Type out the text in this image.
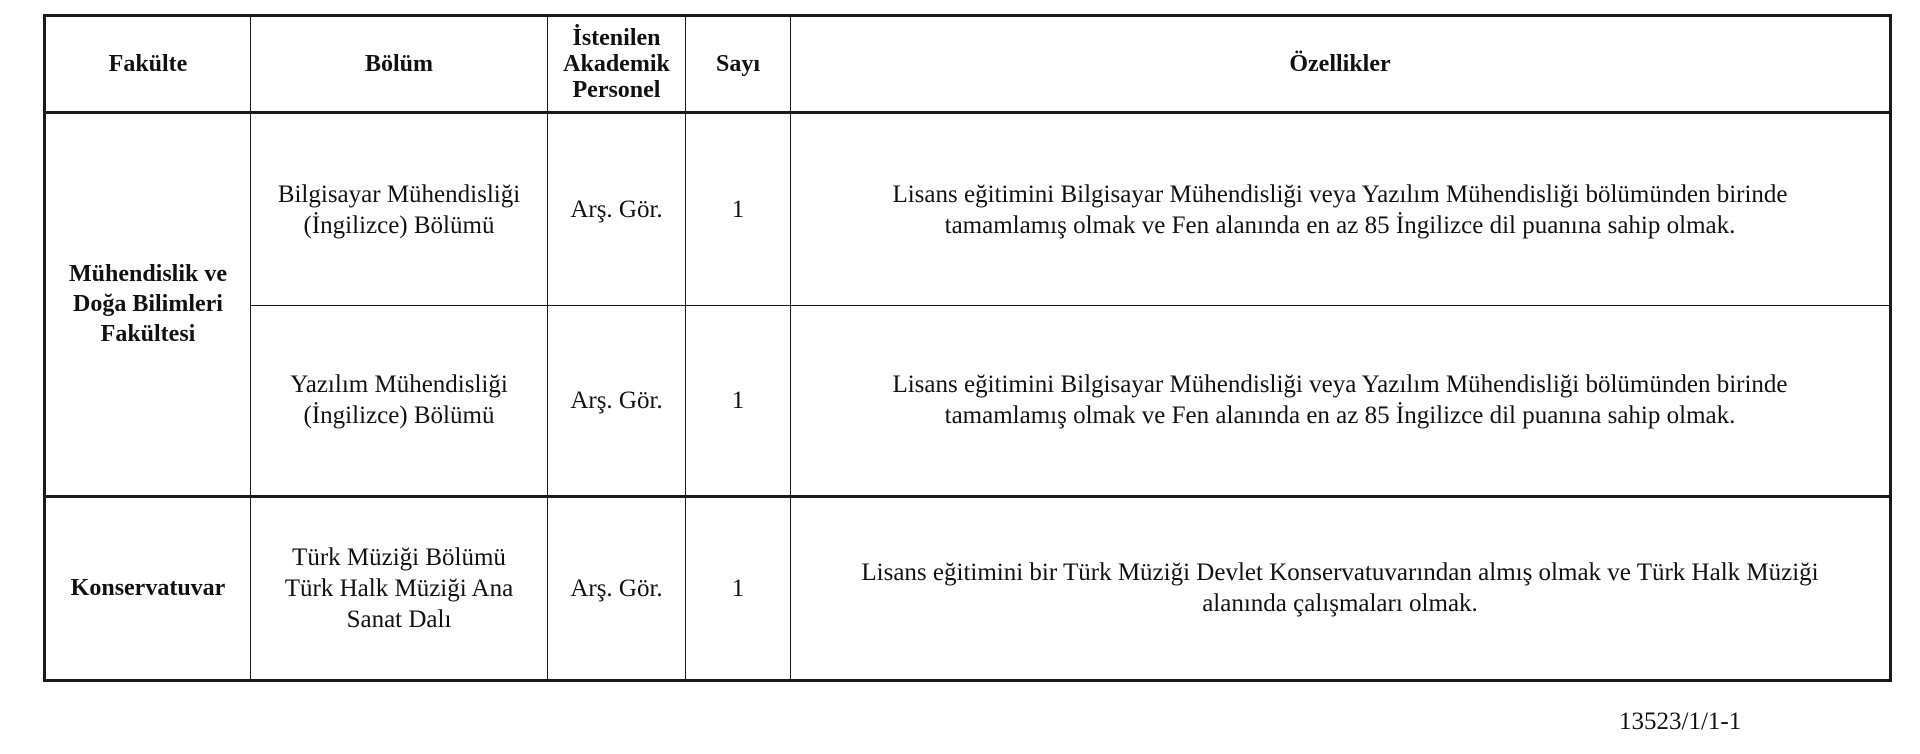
Fakülte	Bölüm	İstenilen
Akademik
Personel	Sayı	Özellikler

Mühendislik ve
Doğa Bilimleri
Fakültesi	Bilgisayar Mühendisliği
(İngilizce) Bölümü	Arş. Gör.	1	Lisans eğitimini Bilgisayar Mühendisliği veya Yazılım Mühendisliği bölümünden birinde
tamamlamış olmak ve Fen alanında en az 85 İngilizce dil puanına sahip olmak.

	Yazılım Mühendisliği
(İngilizce) Bölümü	Arş. Gör.	1	Lisans eğitimini Bilgisayar Mühendisliği veya Yazılım Mühendisliği bölümünden birinde
tamamlamış olmak ve Fen alanında en az 85 İngilizce dil puanına sahip olmak.

Konservatuvar	Türk Müziği Bölümü
Türk Halk Müziği Ana
Sanat Dalı	Arş. Gör.	1	Lisans eğitimini bir Türk Müziği Devlet Konservatuvarından almış olmak ve Türk Halk Müziği
alanında çalışmaları olmak.
13523/1/1-1
